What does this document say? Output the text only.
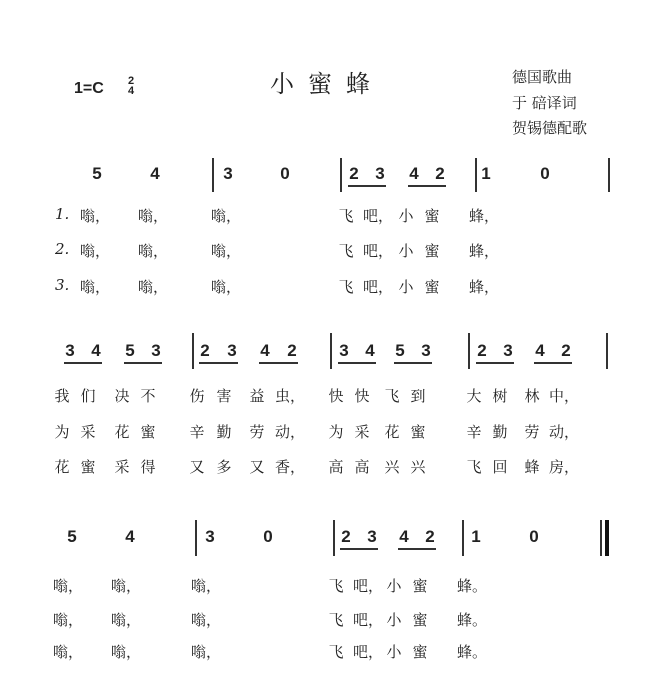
1=C 2
4	小蜜蜂	德国歌曲
于 碚译词
贺锡德配歌
5	4	3	0	2 3 4 2 1	0
1. 嗡， 嗡，	嗡，	飞 吧， 小 蜜 蜂，
2. 嗡， 嗡，	嗡，	飞 吧， 小 蜜 蜂，
3. 嗡， 嗡，	嗡，	飞 吧， 小 蜜 蜂，
3 4 5 3 2 3 4 2	3 4 5 3	2 3 4 2
我 们 决 不 伤 害 益 虫， 快 快 飞 到	大 树 林 中，
为 采 花 蜜 辛 勤 劳 动， 为 采 花 蜜	辛 勤 劳 动，
花 蜜 采 得 又 多 又 香， 高 高 兴 兴	飞 回 蜂 房，
5	4	3	0	2 3 4 2 1	0
嗡， 嗡，	嗡，	飞 吧， 小 蜜 蜂。
嗡， 嗡，	嗡，	飞 吧， 小 蜜 蜂。
嗡， 嗡，	嗡，	飞 吧， 小 蜜 蜂。
